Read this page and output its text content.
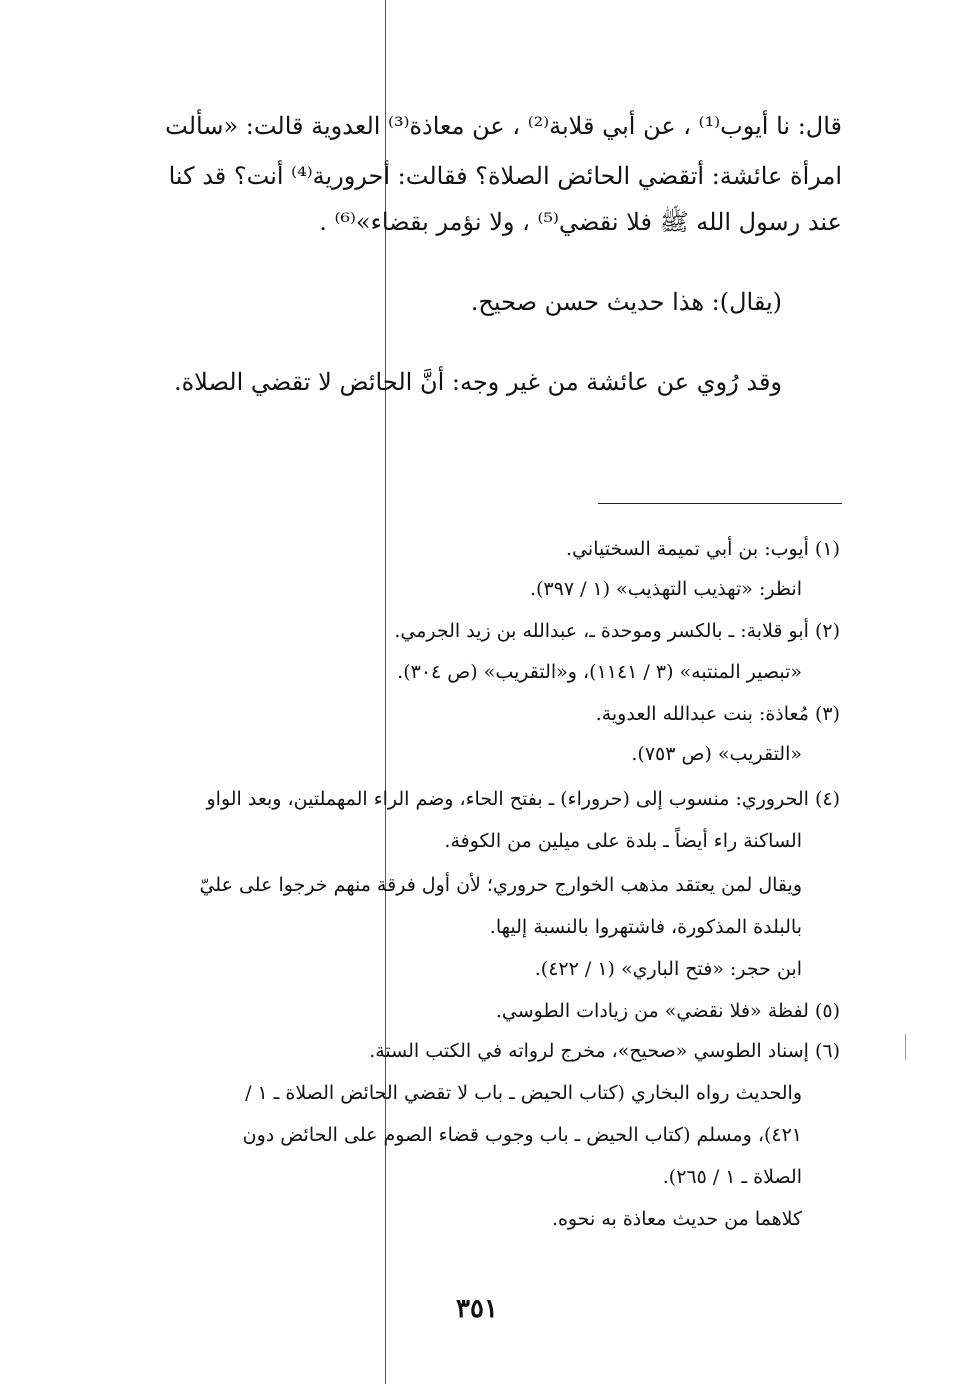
قال: نا أيوب⁽¹⁾ ، عن أبي قلابة⁽²⁾ ، عن معاذة⁽³⁾ العدوية قالت: «سألت
امرأة عائشة: أتقضي الحائض الصلاة؟ فقالت: أحرورية⁽⁴⁾ أنت؟ قد كنا
عند رسول الله ﷺ فلا نقضي⁽⁵⁾ ، ولا نؤمر بقضاء»⁽⁶⁾ .
(يقال): هذا حديث حسن صحيح.
وقد رُوي عن عائشة من غير وجه: أنَّ الحائض لا تقضي الصلاة.
(١) أيوب: بن أبي تميمة السختياني.
انظر: «تهذيب التهذيب» (١ / ٣٩٧).
(٢) أبو قلابة: ـ بالكسر وموحدة ـ، عبدالله بن زيد الجرمي.
«تبصير المنتبه» (٣ / ١١٤١)، و«التقريب» (ص ٣٠٤).
(٣) مُعاذة: بنت عبدالله العدوية.
«التقريب» (ص ٧٥٣).
(٤) الحروري: منسوب إلى (حروراء) ـ بفتح الحاء، وضم الراء المهملتين، وبعد الواو
الساكنة راء أيضاً ـ بلدة على ميلين من الكوفة.
ويقال لمن يعتقد مذهب الخوارج حروري؛ لأن أول فرقة منهم خرجوا على عليّ
بالبلدة المذكورة، فاشتهروا بالنسبة إليها.
ابن حجر: «فتح الباري» (١ / ٤٢٢).
(٥) لفظة «فلا نقضي» من زيادات الطوسي.
(٦) إسناد الطوسي «صحيح»، مخرج لرواته في الكتب الستة.
والحديث رواه البخاري (كتاب الحيض ـ باب لا تقضي الحائض الصلاة ـ ١ /
٤٢١)، ومسلم (كتاب الحيض ـ باب وجوب قضاء الصوم على الحائض دون
الصلاة ـ ١ / ٢٦٥).
كلاهما من حديث معاذة به نحوه.
٣٥١
